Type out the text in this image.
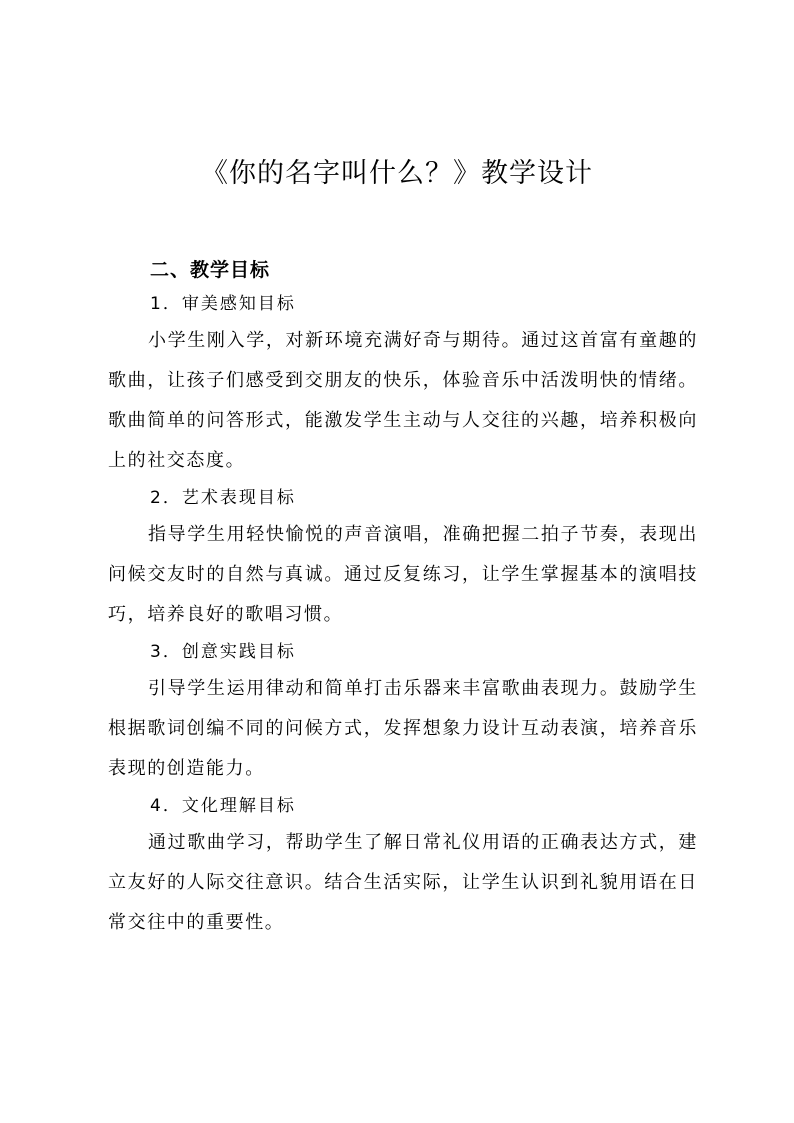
《你的名字叫什么？》教学设计
二、教学目标
1．审美感知目标

小学生刚入学，对新环境充满好奇与期待。通过这首富有童趣的歌曲，让孩子们感受到交朋友的快乐，体验音乐中活泼明快的情绪。歌曲简单的问答形式，能激发学生主动与人交往的兴趣，培养积极向上的社交态度。

2．艺术表现目标

指导学生用轻快愉悦的声音演唱，准确把握二拍子节奏，表现出问候交友时的自然与真诚。通过反复练习，让学生掌握基本的演唱技巧，培养良好的歌唱习惯。

3．创意实践目标

引导学生运用律动和简单打击乐器来丰富歌曲表现力。鼓励学生根据歌词创编不同的问候方式，发挥想象力设计互动表演，培养音乐表现的创造能力。

4．文化理解目标

通过歌曲学习，帮助学生了解日常礼仪用语的正确表达方式，建立友好的人际交往意识。结合生活实际，让学生认识到礼貌用语在日常交往中的重要性。
